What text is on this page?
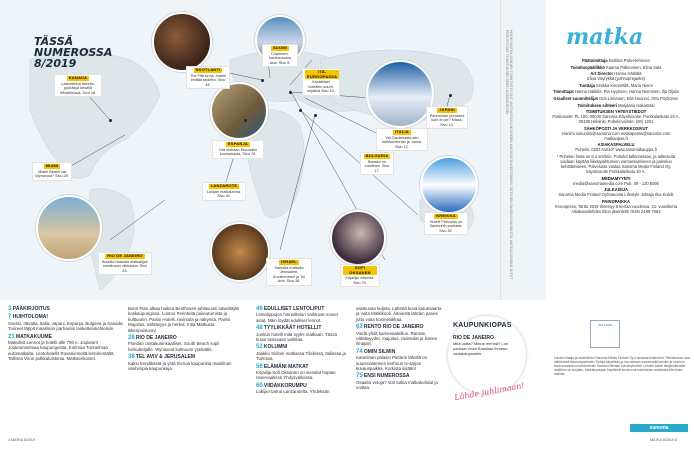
TÄSSÄ
NUMEROSSA
8/2019
KANADA
Laskettelua talvella, pyöräilyä kesällä Whistlerissä. Sivu 18.
SKOTLANTI
The Fife Arms -hotelli esittää taidetta. Sivu 48.
SUOMI
Chamonix, fondueruokia alue. Sivu 8.
ITÄ-EUROOPASSA
Kristalliset hotellien suunt. olipäivä Sivu 10.
ESPANJA
Ota mukaan Escorialin kuorsukasta. Sivu 76.
ITALIA
Val Gardenasta sen herkkuminnan ja -kuusi. Sivu 12.
JAPANI
Paremman puutarha kuin ei ole? Missä. Sivu 14.
BULGARIA
Bansko on edullinen. Sivu 17.
MIAMI
Miami Beach vai Wynwood? Sivu 28.
LANZAROTE
Lukijan matkatarina. Sivu 40.
KREIKKA
Hotelli Perivolas on Santorinin parhaita. Sivu 52.
RIO DE JANEIRO
Brasilia haastaa matkailijan mielikuvan vilkkaana. Sivu 63.
ISRAEL
Samalla matkalla Jerusalem, Kuolleenmeri ja Tel Aviv. Sivu 38.
SOFI OKSANEN
Kirjailija rohkeaa. Sivu 74.
HUOM! MATKA-LEHDEN TOIMITUS EI OLE VASTUUSSA LUKIJOIDEN MATKOISTA KERTOMIEN TIETOJEN OIKEELLISUUDESTA. MATKA-LEHDEN JUTUT PERUSTUVAT TOIMITUKSEN OMIIN KOKEMUKSIIN.

3 PÄÄKIRJOITUS

7 HUIHTOLOMA!
Sveitsi, Itävalta, Italia, Japani, Espanja, Bulgaria ja Kanada. Tuoreet täppit maailman parhaisiin laskettelukohteisiin.

21 MATKAKUUME
Maledivit Lennot ja hotelli alle 700 e. Joulutorit Joulutunnelmaa kaupungeista. Kotimaa Tunnelmaa automatkalta. Lentohotellit Rovaniemeltä lentokentältä. Tallinna Viron pulkkaluistimia. Matkaerikoiset.

Bonn Pian alkaa huikea Beethoven-juhlavuosi sävelitäjän kotikaupungissa. Lontoo Perinteitä pukeutumista ja kulttuuriin. Pariisi Hotelli, ravintola ja näkymiä. Pariisi Majoitus, nähtävyys ja herkut. Intia Matkusta tiikeripuistoon!

28 RIO DE JANEIRO
Floridan rantakuninkaalliset. South Beach sopii herkutteljalle. Wynwood kulttuurin ystävälle.

38 TEL AVIV & JERUSALEM
Kaksi trendikästä ja yhtä hienoa kaupunkia maailman vanhimpia kaupunkeja.

46 EDULLISET LENTOLIPUT
Lentolippujen hinnoittelun vaihtuvat monet asiat. Näin löydät edulliset lennot.

48 TYYLIKKÄÄT HOTELLIT
Jonkun hotelli mitä syyks matkaan. Tässä kuusi tosissaan valintaa.

52 KOLUMNI
Jaakko Selinin matkassa Tšekissä, Italiassa ja Turkissa.

56 ELÄMÄNI MATKAT
Kirjailija Sofi Oksanen on vierailut hopian reservaatissa Yhdysvalloissa.

60 VIIDAKKORUMPU
Lukijan tarina Lanzarotelta. Yhdeksän

valokuvaa kuljeta. Lähettä kuva katunsaarta ja voita Matkikooli. Ääniestä lähden panee juttu voita kosmetiikkaa.

63 RENTO RIO DE JANEIRO
Viedä yhdit karnevaaleillon. Rannat, nähtävyydet, majoitus, ravintolat ja iloinen ilmapiiri.

74 OMIN SILMIN
Katariinan palasin Pietarin lähellä on suurenasteinen kerhoun tv-sarjan kuvauspaikka. Kurkista sisään!

75 ENSI NUMEROSSA
Osaaltu vetoja? Voit tutkia matkakohdat ja voittaa.

KAUPUNKIOPAS
RIO DE JANEIRO
Mitä uutta? Minne mennä? Lue parhaat vinkit Brasilian ihmeen rantakaupunkiin.
Lähde juhlimaan!
matka

Päätoimittaja Katriina Palo-Nehnnen

Toimituspäällikkö Kaarna Pallervinen, Elina Sala

Art Director Hanna Härkälä
Elina Väyrykka (pohnoprejaeks)

Tuottaja Sinikka Kierenttilä, Maria Niemi

Toimittajat Hanna Hakkila, Pia Hyytinen, Hanna Nieminen, Ilja Oljala

Graafiset suunnittelijat Outi Linnanen, Eila Nuorevi, Otto Pöyhönen

Toimituksen sihteeri Marjaana Hakamäki

TOIMITUKSEN YHTEYSTIEDOT
Postiosoite: PL 100, 00040 Sanoma Käyntiosoite: Porkkalankatu 20 A, 00180 Helsinki. Puhelinvaihde: (09) 1201

SÄHKÖPOSTI JA VERKKOSIVUT
etunimi.sukunimi@sanoma.com matkapostia@sanoma.com matkaopas.fi

ASIAKASPALVELU
Puhelin: 0203 51010* www.sanomakauppa.fi

* Puhelun hinta on 8,4 snt/min. Puhelut tallennetaan, ja tallenteita voidaan käyttää liiketapahtumien varmentamiseen ja palvelun kehittämiseen. Palvelusta vastaa Sanoma Media Finland Oy, käyntiosoite Porkkalankatu 20 A.

MEDIAMYYNTI
media@sanomamedia.com Puh. 09 - 120 5090

JULKAISIJA
Sanoma Media Finland Oy/Sanoma Lifestyle Johtaja Ilna Kulvik

PAINOPAIKKA
Kroonpress, Tartto 2019 Ilmestyy 8 kertaa vuodessa. 21. vuosikerta Aikakausilehden liiton jäsenlehti ISSN 2489-7094

ISO 14001
Lehden tilaaja-ja osoitetiedot Sanoma Media Finland Oy:n asiakasrekisterissä. Rekisterissä ovat nähtävissä tietosuojaseloste. Tietoja käytetään ja luovutetaan suoramarkkinointiin ja muuhun tavanomaiseen markkinointiin Sanoma Median kohderyhmistä. Lehden kaikki tekijänoikeudet sisältöön on suojattu. Matkakuvaajan käyttämät kuvat ovat toimituksen arkistosta ellei toisin mainita.
sanoma
4 MATKA 8/2019	MATKA 8/2019 5
